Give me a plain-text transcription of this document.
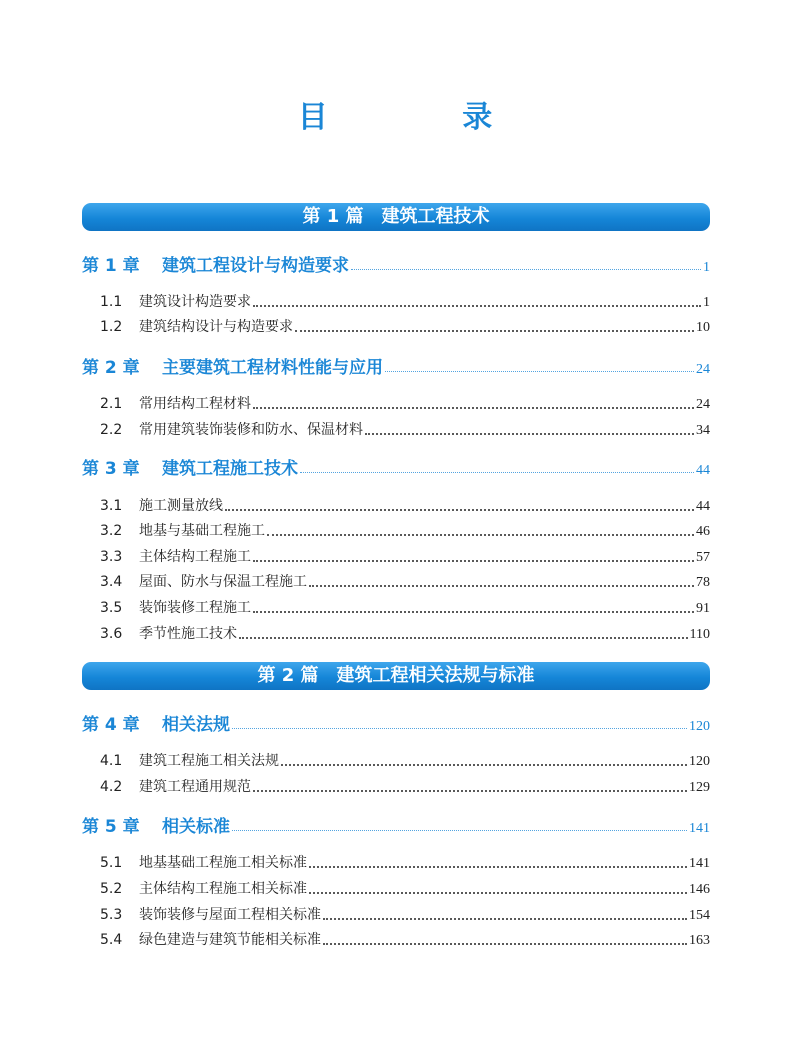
目 录
第 1 篇　建筑工程技术
第 1 章	建筑工程设计与构造要求	1
1.1	建筑设计构造要求	1
1.2	建筑结构设计与构造要求	10
第 2 章	主要建筑工程材料性能与应用	24
2.1	常用结构工程材料	24
2.2	常用建筑装饰装修和防水、保温材料	34
第 3 章	建筑工程施工技术	44
3.1	施工测量放线	44
3.2	地基与基础工程施工	46
3.3	主体结构工程施工	57
3.4	屋面、防水与保温工程施工	78
3.5	装饰装修工程施工	91
3.6	季节性施工技术	110
第 2 篇　建筑工程相关法规与标准
第 4 章	相关法规	120
4.1	建筑工程施工相关法规	120
4.2	建筑工程通用规范	129
第 5 章	相关标准	141
5.1	地基基础工程施工相关标准	141
5.2	主体结构工程施工相关标准	146
5.3	装饰装修与屋面工程相关标准	154
5.4	绿色建造与建筑节能相关标准	163
